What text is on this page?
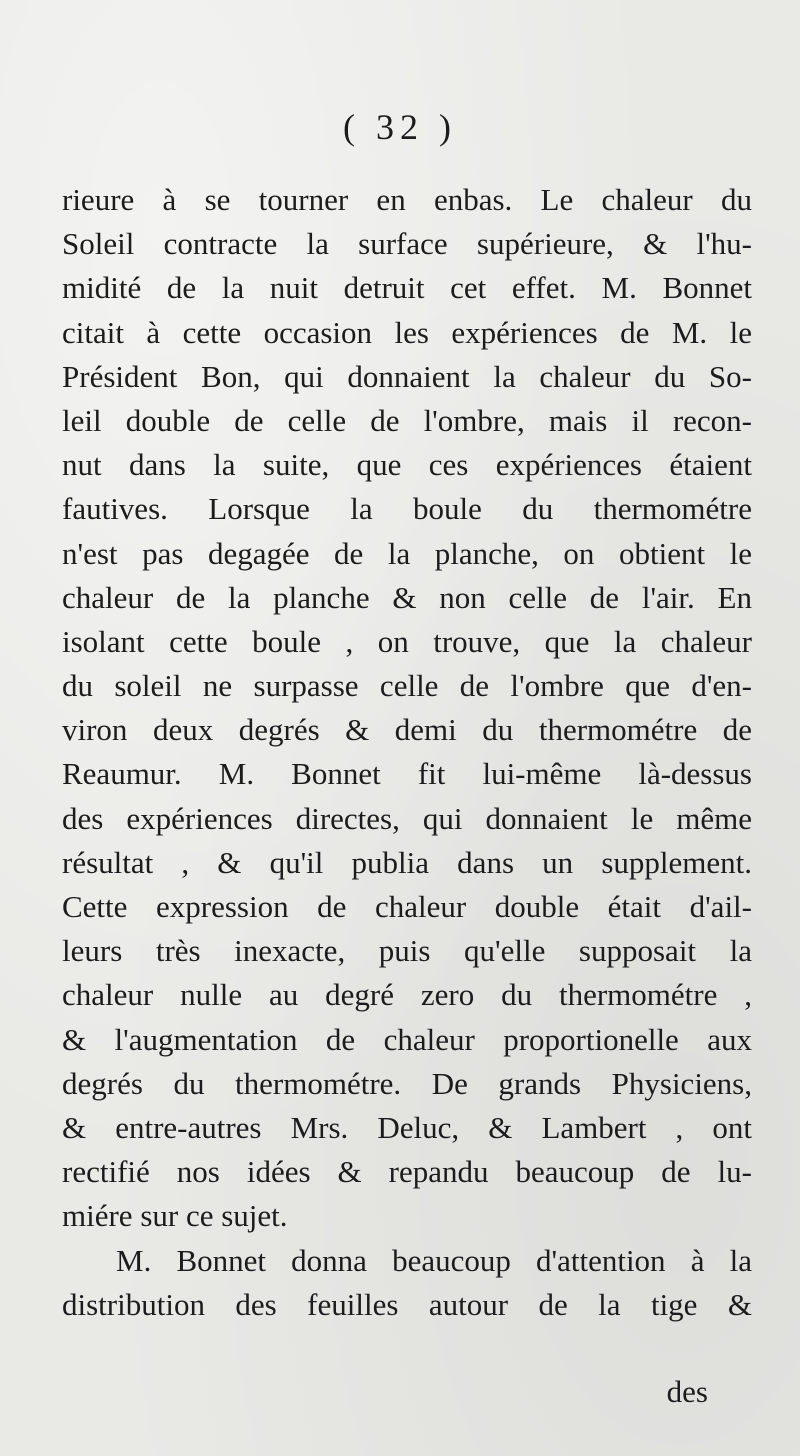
( 32 )
rieure à se tourner en enbas. Le chaleur du
Soleil contracte la surface supérieure, & l'hu-
midité de la nuit detruit cet effet. M. Bonnet
citait à cette occasion les expériences de M. le
Président Bon, qui donnaient la chaleur du So-
leil double de celle de l'ombre, mais il recon-
nut dans la suite, que ces expériences étaient
fautives. Lorsque la boule du thermométre
n'est pas degagée de la planche, on obtient le
chaleur de la planche & non celle de l'air. En
isolant cette boule , on trouve, que la chaleur
du soleil ne surpasse celle de l'ombre que d'en-
viron deux degrés & demi du thermométre de
Reaumur. M. Bonnet fit lui-même là-dessus
des expériences directes, qui donnaient le même
résultat , & qu'il publia dans un supplement.
Cette expression de chaleur double était d'ail-
leurs très inexacte, puis qu'elle supposait la
chaleur nulle au degré zero du thermométre ,
& l'augmentation de chaleur proportionelle aux
degrés du thermométre. De grands Physiciens,
& entre-autres Mrs. Deluc, & Lambert , ont
rectifié nos idées & repandu beaucoup de lu-
miére sur ce sujet.
M. Bonnet donna beaucoup d'attention à la
distribution des feuilles autour de la tige &
des
